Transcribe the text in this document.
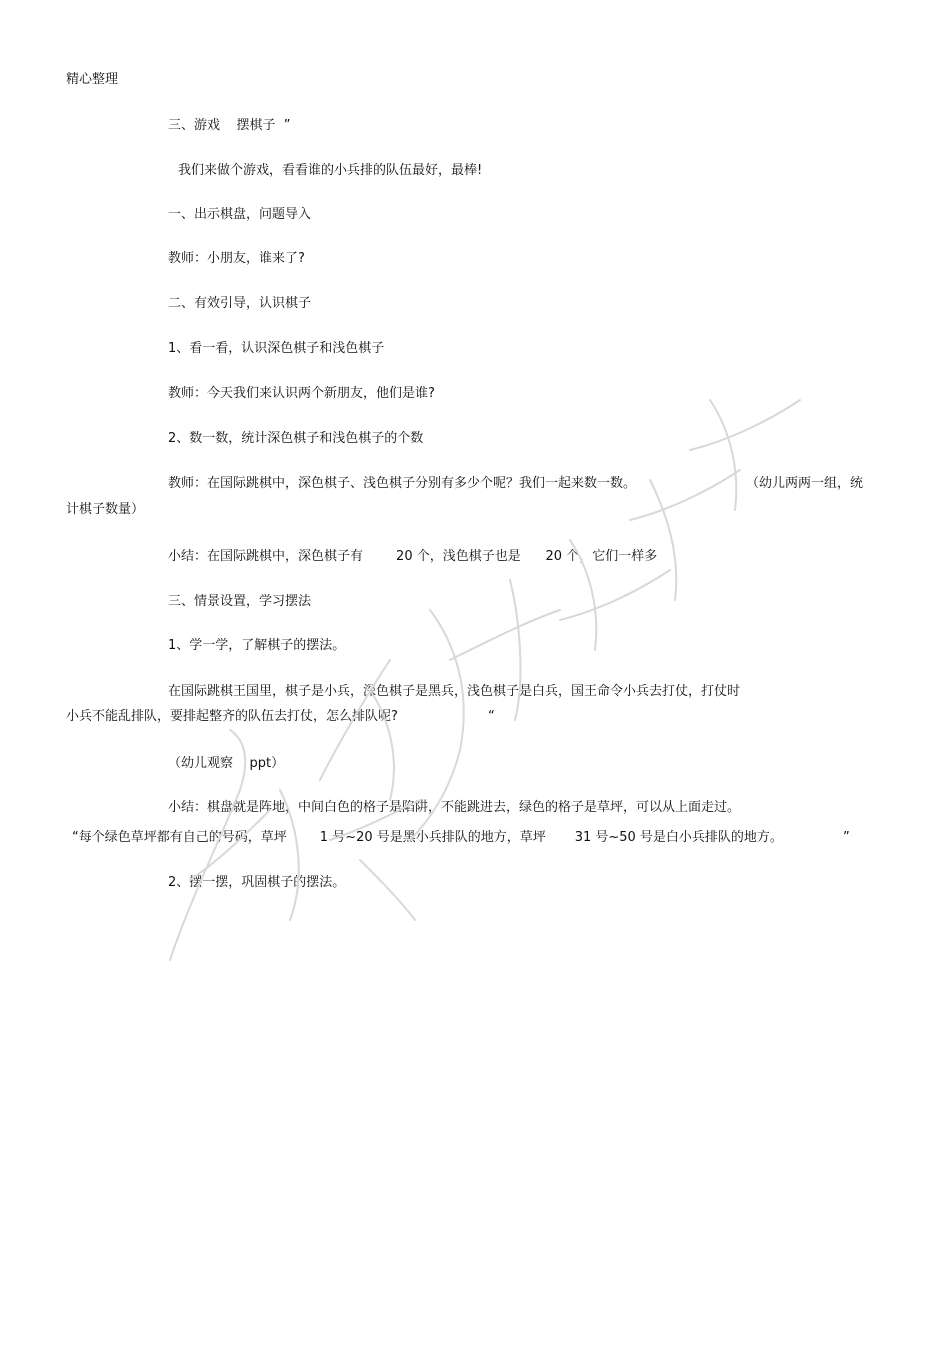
精心整理
三、游戏    摆棋子  ”
我们来做个游戏，看看谁的小兵排的队伍最好，最棒!
一、出示棋盘，问题导入
教师：小朋友，谁来了?
二、有效引导，认识棋子
1、看一看，认识深色棋子和浅色棋子
教师：今天我们来认识两个新朋友，他们是谁?
2、数一数，统计深色棋子和浅色棋子的个数
教师：在国际跳棋中，深色棋子、浅色棋子分别有多少个呢？我们一起来数一数。	（幼儿两两一组，统
计棋子数量）
小结：在国际跳棋中，深色棋子有        20 个，浅色棋子也是      20 个，它们一样多
三、情景设置，学习摆法
1、学一学，了解棋子的摆法。
在国际跳棋王国里，棋子是小兵，深色棋子是黑兵，浅色棋子是白兵，国王命令小兵去打仗，打仗时
小兵不能乱排队，要排起整齐的队伍去打仗，怎么排队呢?	“
（幼儿观察    ppt）
小结：棋盘就是阵地，中间白色的格子是陷阱，不能跳进去，绿色的格子是草坪，可以从上面走过。
“每个绿色草坪都有自己的号码，草坪        1 号~20 号是黑小兵排队的地方，草坪       31 号~50 号是白小兵排队的地方。	”
2、摆一摆，巩固棋子的摆法。
